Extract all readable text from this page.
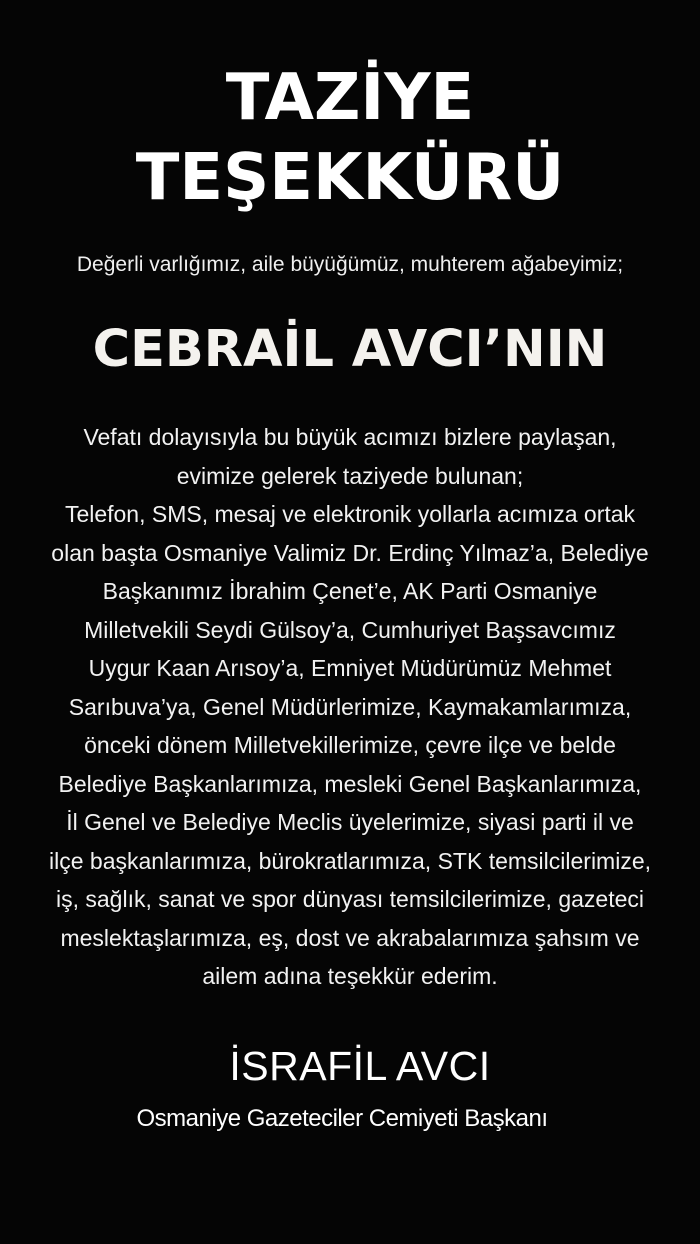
TAZİYE
TEŞEKKÜRÜ
Değerli varlığımız, aile büyüğümüz, muhterem ağabeyimiz;
CEBRAİL AVCI’NIN
Vefatı dolayısıyla bu büyük acımızı bizlere paylaşan,
evimize gelerek taziyede bulunan;
Telefon, SMS, mesaj ve elektronik yollarla acımıza ortak
olan başta Osmaniye Valimiz Dr. Erdinç Yılmaz’a, Belediye
Başkanımız İbrahim Çenet’e, AK Parti Osmaniye
Milletvekili Seydi Gülsoy’a, Cumhuriyet Başsavcımız
Uygur Kaan Arısoy’a, Emniyet Müdürümüz Mehmet
Sarıbuva’ya, Genel Müdürlerimize, Kaymakamlarımıza,
önceki dönem Milletvekillerimize, çevre ilçe ve belde
Belediye Başkanlarımıza, mesleki Genel Başkanlarımıza,
İl Genel ve Belediye Meclis üyelerimize, siyasi parti il ve
ilçe başkanlarımıza, bürokratlarımıza, STK temsilcilerimize,
iş, sağlık, sanat ve spor dünyası temsilcilerimize, gazeteci
meslektaşlarımıza, eş, dost ve akrabalarımıza şahsım ve
ailem adına teşekkür ederim.
İSRAFİL AVCI
Osmaniye Gazeteciler Cemiyeti Başkanı
